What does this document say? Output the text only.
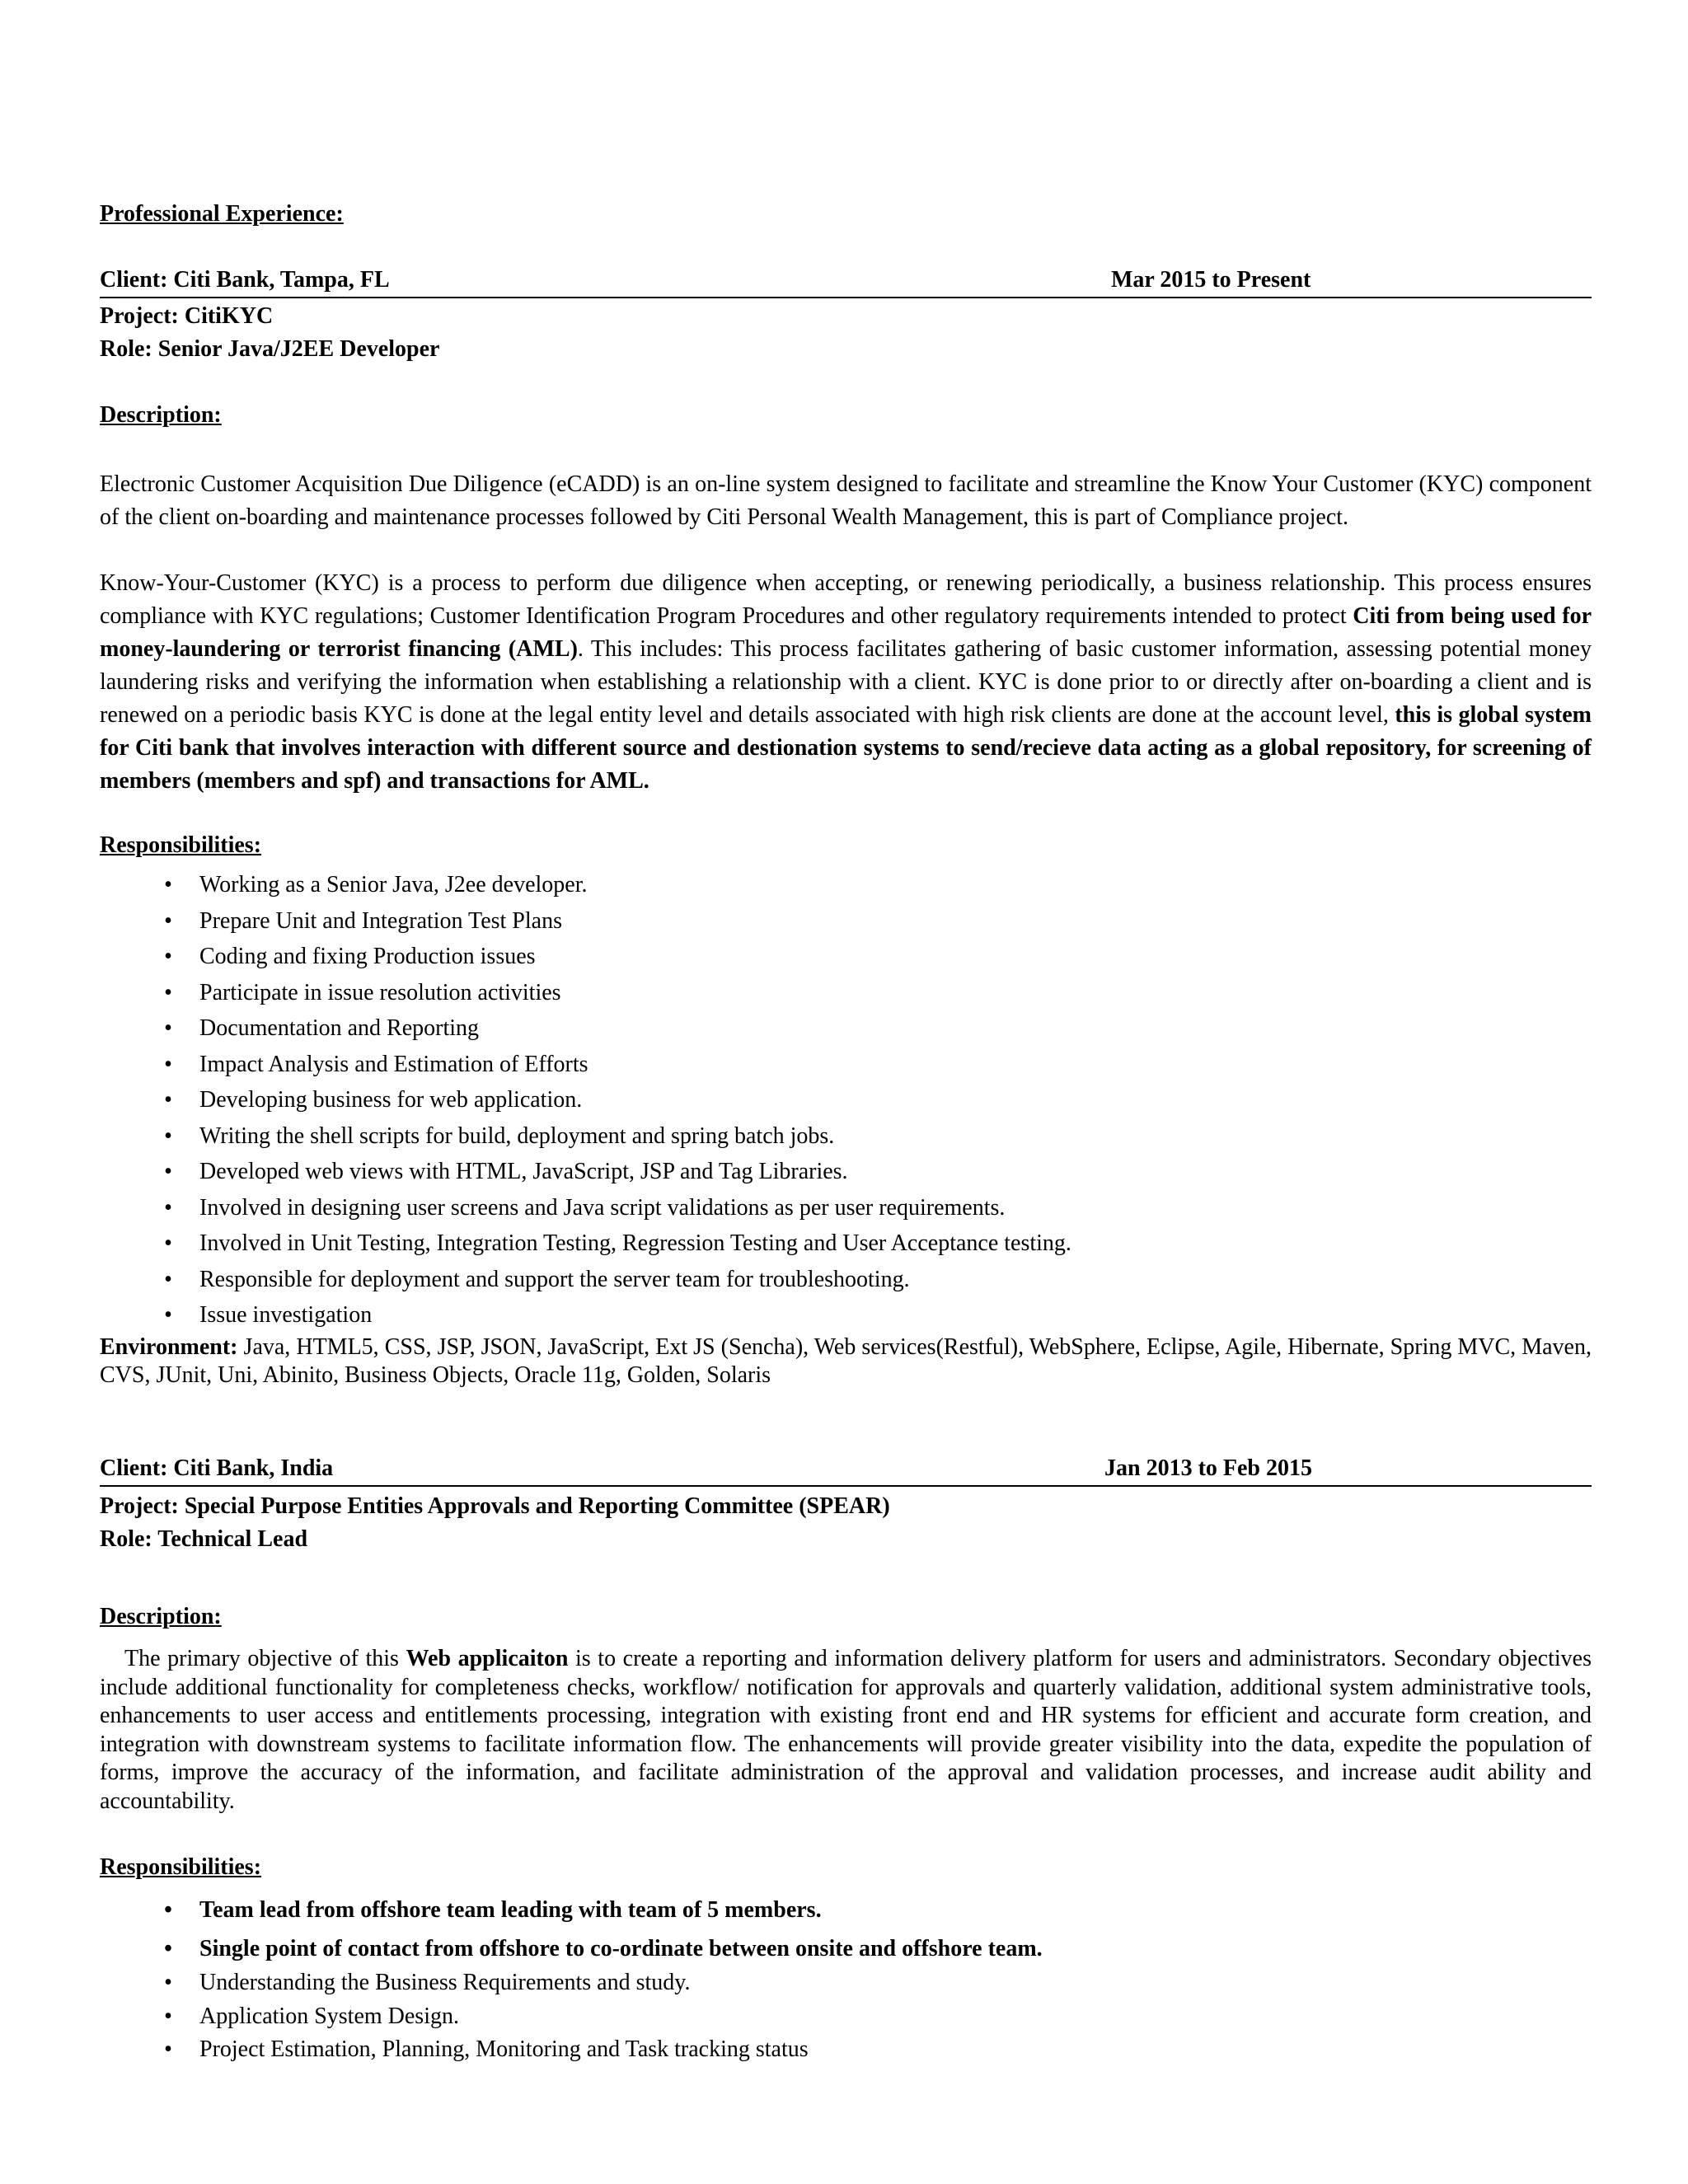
Professional Experience:
Client: Citi Bank, Tampa, FL	Mar 2015 to Present
Project: CitiKYC
Role: Senior Java/J2EE Developer
Description:
Electronic Customer Acquisition Due Diligence (eCADD) is an on-line system designed to facilitate and streamline the Know Your Customer (KYC) component of the client on-boarding and maintenance processes followed by Citi Personal Wealth Management, this is part of Compliance project.
Know-Your-Customer (KYC) is a process to perform due diligence when accepting, or renewing periodically, a business relationship. This process ensures compliance with KYC regulations; Customer Identification Program Procedures and other regulatory requirements intended to protect Citi from being used for money-laundering or terrorist financing (AML). This includes: This process facilitates gathering of basic customer information, assessing potential money laundering risks and verifying the information when establishing a relationship with a client. KYC is done prior to or directly after on-boarding a client and is renewed on a periodic basis KYC is done at the legal entity level and details associated with high risk clients are done at the account level, this is global system for Citi bank that involves interaction with different source and destionation systems to send/recieve data acting as a global repository, for screening of members (members and spf) and transactions for AML.
Responsibilities:
• Working as a Senior Java, J2ee developer.
• Prepare Unit and Integration Test Plans
• Coding and fixing Production issues
• Participate in issue resolution activities
• Documentation and Reporting
• Impact Analysis and Estimation of Efforts
• Developing business for web application.
• Writing the shell scripts for build, deployment and spring batch jobs.
• Developed web views with HTML, JavaScript, JSP and Tag Libraries.
• Involved in designing user screens and Java script validations as per user requirements.
• Involved in Unit Testing, Integration Testing, Regression Testing and User Acceptance testing.
• Responsible for deployment and support the server team for troubleshooting.
• Issue investigation
Environment: Java, HTML5, CSS, JSP, JSON, JavaScript, Ext JS (Sencha), Web services(Restful), WebSphere, Eclipse, Agile, Hibernate, Spring MVC, Maven, CVS, JUnit, Uni, Abinito, Business Objects, Oracle 11g, Golden, Solaris
Client: Citi Bank, India	Jan 2013 to Feb 2015
Project: Special Purpose Entities Approvals and Reporting Committee (SPEAR)
Role: Technical Lead
Description:
The primary objective of this Web applicaiton is to create a reporting and information delivery platform for users and administrators. Secondary objectives include additional functionality for completeness checks, workflow/ notification for approvals and quarterly validation, additional system administrative tools, enhancements to user access and entitlements processing, integration with existing front end and HR systems for efficient and accurate form creation, and integration with downstream systems to facilitate information flow. The enhancements will provide greater visibility into the data, expedite the population of forms, improve the accuracy of the information, and facilitate administration of the approval and validation processes, and increase audit ability and accountability.
Responsibilities:
• Team lead from offshore team leading with team of 5 members.
• Single point of contact from offshore to co-ordinate between onsite and offshore team.
• Understanding the Business Requirements and study.
• Application System Design.
• Project Estimation, Planning, Monitoring and Task tracking status
